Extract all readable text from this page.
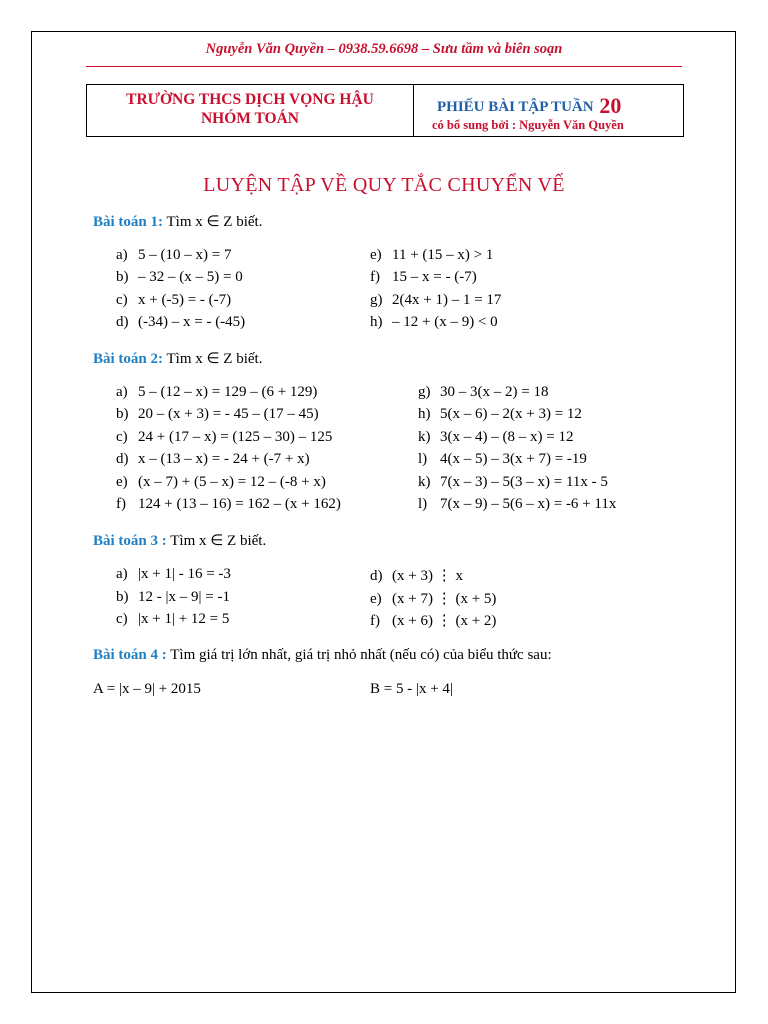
Nguyễn Văn Quyền – 0938.59.6698 – Sưu tầm và biên soạn
TRƯỜNG THCS DỊCH VỌNG HẬU
NHÓM TOÁN
PHIẾU BÀI TẬP TUẦN 20
có bổ sung bởi : Nguyễn Văn Quyền
LUYỆN TẬP VỀ QUY TẮC CHUYỂN VẾ
Bài toán 1: Tìm x ∈ Z biết.
a) 5 – (10 – x) = 7
b) – 32 – (x – 5) = 0
c) x + (-5) = - (-7)
d) (-34) – x = - (-45)
e) 11 + (15 – x) > 1
f) 15 – x = - (-7)
g) 2(4x + 1) – 1 = 17
h) – 12 + (x – 9) < 0
Bài toán 2: Tìm x ∈ Z biết.
a) 5 – (12 – x) = 129 – (6 + 129)
b) 20 – (x + 3) = - 45 – (17 – 45)
c) 24 + (17 – x) = (125 – 30) – 125
d) x – (13 – x) = - 24 + (-7 + x)
e) (x – 7) + (5 – x) = 12 – (-8 + x)
f) 124 + (13 – 16) = 162 – (x + 162)
g) 30 – 3(x – 2) = 18
h) 5(x – 6) – 2(x + 3) = 12
k) 3(x – 4) – (8 – x) = 12
l) 4(x – 5) – 3(x + 7) = -19
k) 7(x – 3) – 5(3 – x) = 11x - 5
l) 7(x – 9) – 5(6 – x) = -6 + 11x
Bài toán 3 : Tìm x ∈ Z biết.
a) |x + 1| - 16 = -3
b) 12 - |x – 9| = -1
c) |x + 1| + 12 = 5
d) (x + 3) ⋮ x
e) (x + 7) ⋮ (x + 5)
f) (x + 6) ⋮ (x + 2)
Bài toán 4 : Tìm giá trị lớn nhất, giá trị nhỏ nhất (nếu có) của biểu thức sau:
A = |x – 9| + 2015	B = 5 - |x + 4|
